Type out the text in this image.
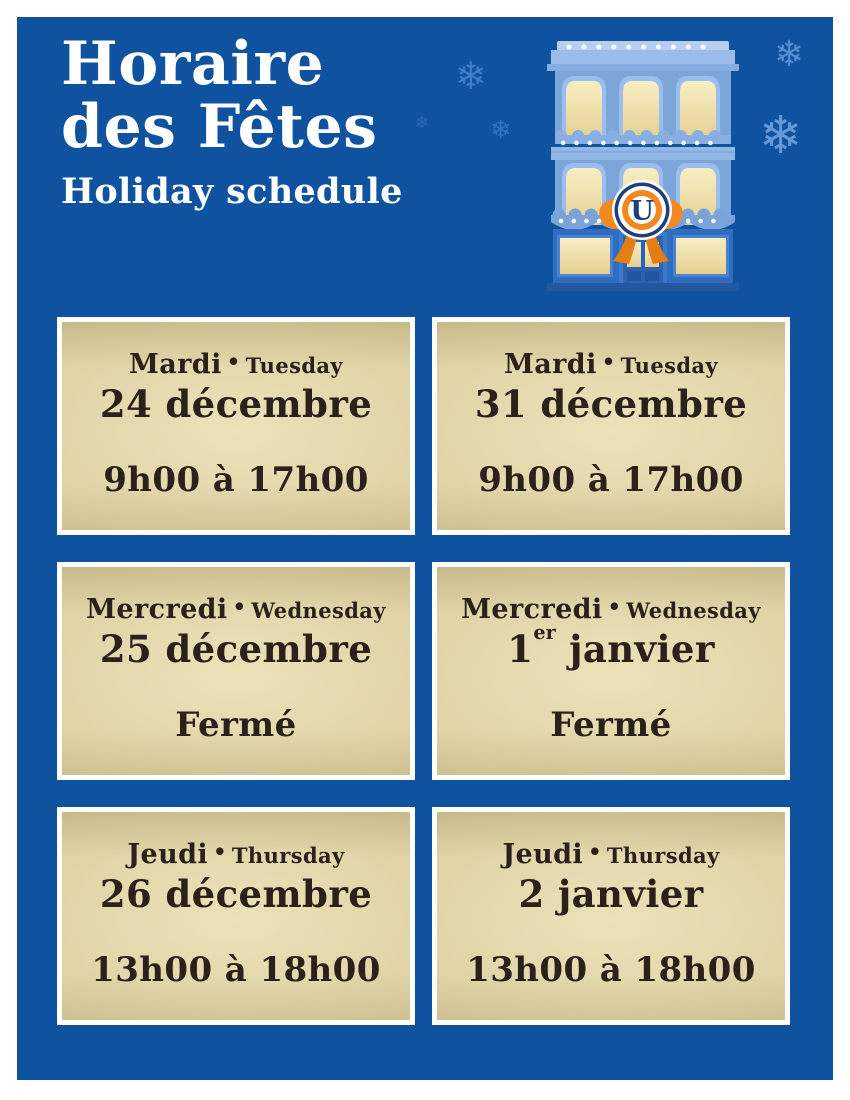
Horaire
des Fêtes
Holiday schedule
❄
❄ ❄
❄
❄
U
Mardi • Tuesday
24 décembre
9h00 à 17h00
Mardi • Tuesday
31 décembre
9h00 à 17h00
Mercredi • Wednesday
25 décembre
Fermé
Mercredi • Wednesday
1er janvier
Fermé
Jeudi • Thursday
26 décembre
13h00 à 18h00
Jeudi • Thursday
2 janvier
13h00 à 18h00
